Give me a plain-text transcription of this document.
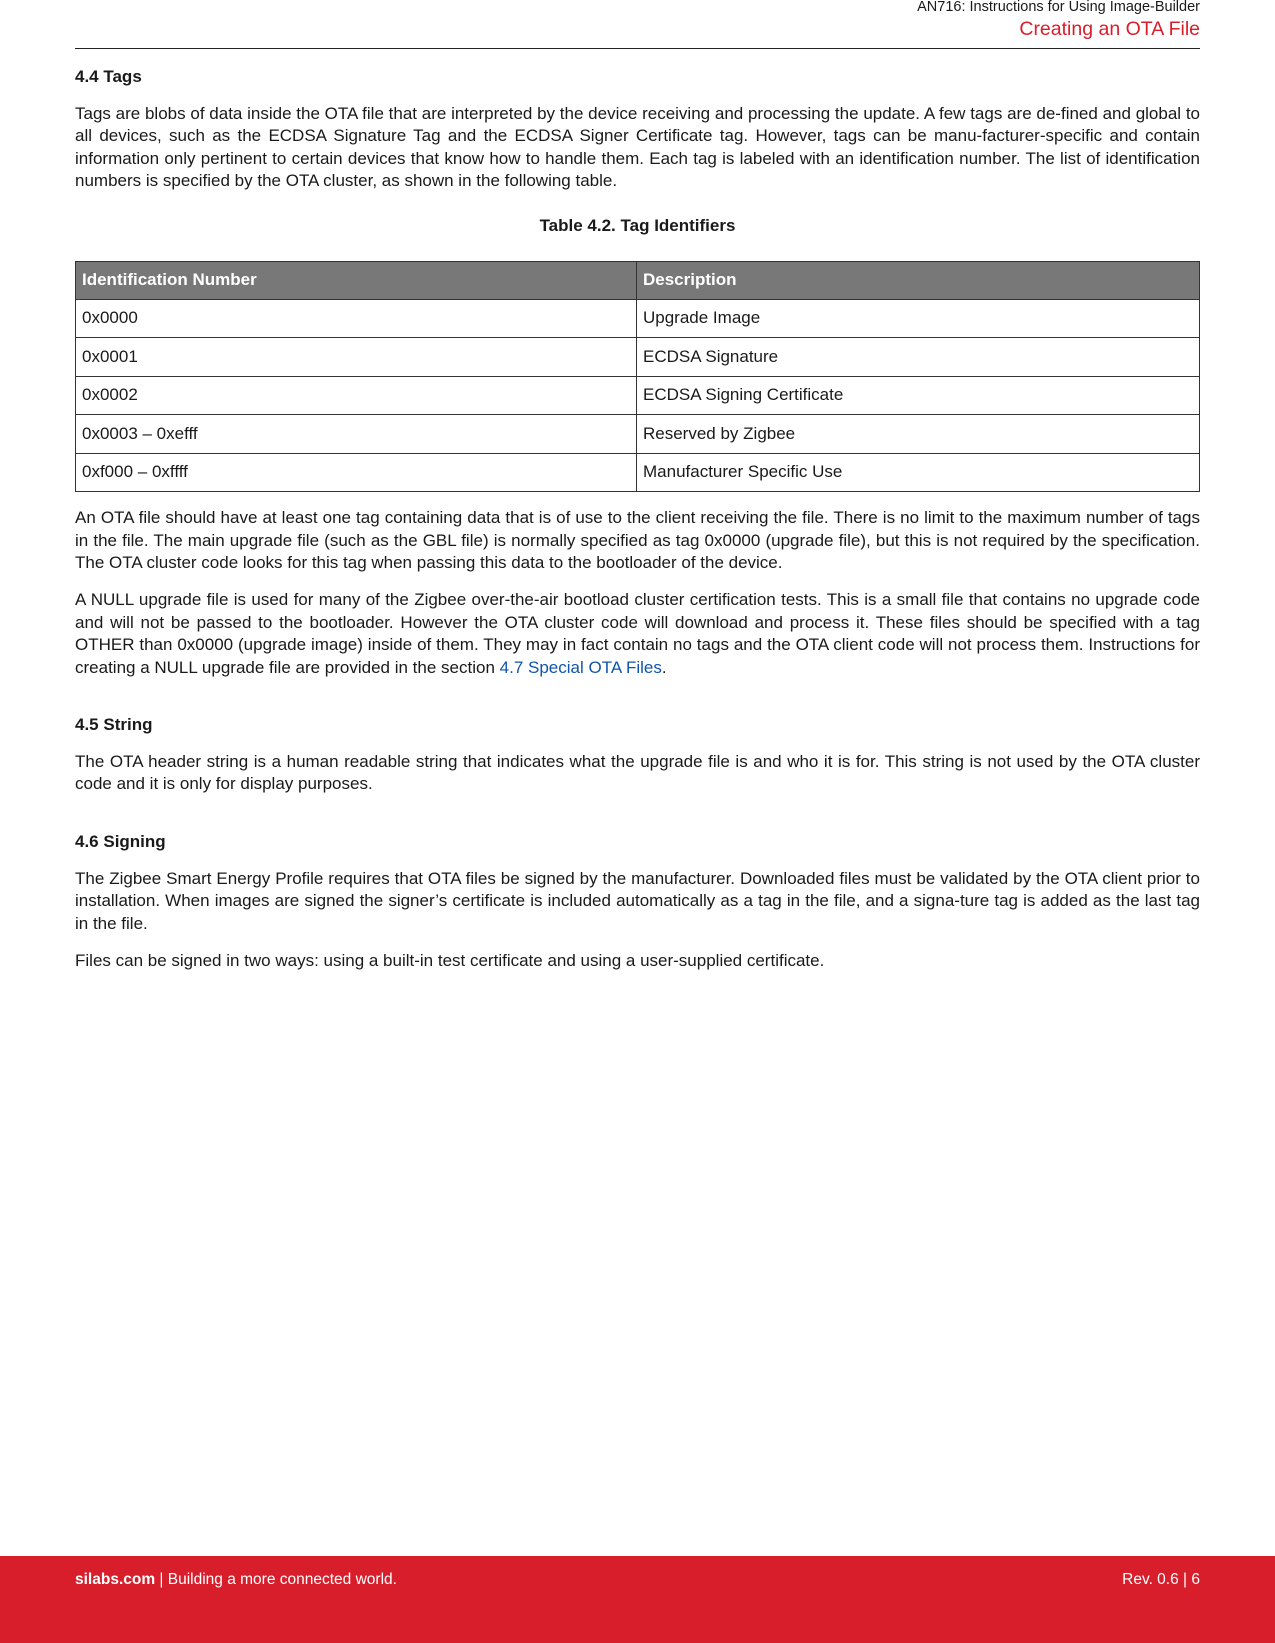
AN716: Instructions for Using Image-Builder
Creating an OTA File
4.4 Tags

Tags are blobs of data inside the OTA file that are interpreted by the device receiving and processing the update. A few tags are de-fined and global to all devices, such as the ECDSA Signature Tag and the ECDSA Signer Certificate tag. However, tags can be manu-facturer-specific and contain information only pertinent to certain devices that know how to handle them. Each tag is labeled with an identification number. The list of identification numbers is specified by the OTA cluster, as shown in the following table.

Table 4.2. Tag Identifiers
Identification Number	Description
0x0000	Upgrade Image
0x0001	ECDSA Signature
0x0002	ECDSA Signing Certificate
0x0003 – 0xefff	Reserved by Zigbee
0xf000 – 0xffff	Manufacturer Specific Use

An OTA file should have at least one tag containing data that is of use to the client receiving the file. There is no limit to the maximum number of tags in the file. The main upgrade file (such as the GBL file) is normally specified as tag 0x0000 (upgrade file), but this is not required by the specification. The OTA cluster code looks for this tag when passing this data to the bootloader of the device.

A NULL upgrade file is used for many of the Zigbee over-the-air bootload cluster certification tests. This is a small file that contains no upgrade code and will not be passed to the bootloader. However the OTA cluster code will download and process it. These files should be specified with a tag OTHER than 0x0000 (upgrade image) inside of them. They may in fact contain no tags and the OTA client code will not process them. Instructions for creating a NULL upgrade file are provided in the section 4.7 Special OTA Files.

4.5 String

The OTA header string is a human readable string that indicates what the upgrade file is and who it is for. This string is not used by the OTA cluster code and it is only for display purposes.

4.6 Signing

The Zigbee Smart Energy Profile requires that OTA files be signed by the manufacturer. Downloaded files must be validated by the OTA client prior to installation. When images are signed the signer’s certificate is included automatically as a tag in the file, and a signa-ture tag is added as the last tag in the file.

Files can be signed in two ways: using a built-in test certificate and using a user-supplied certificate.

silabs.com | Building a more connected world.	Rev. 0.6 | 6
